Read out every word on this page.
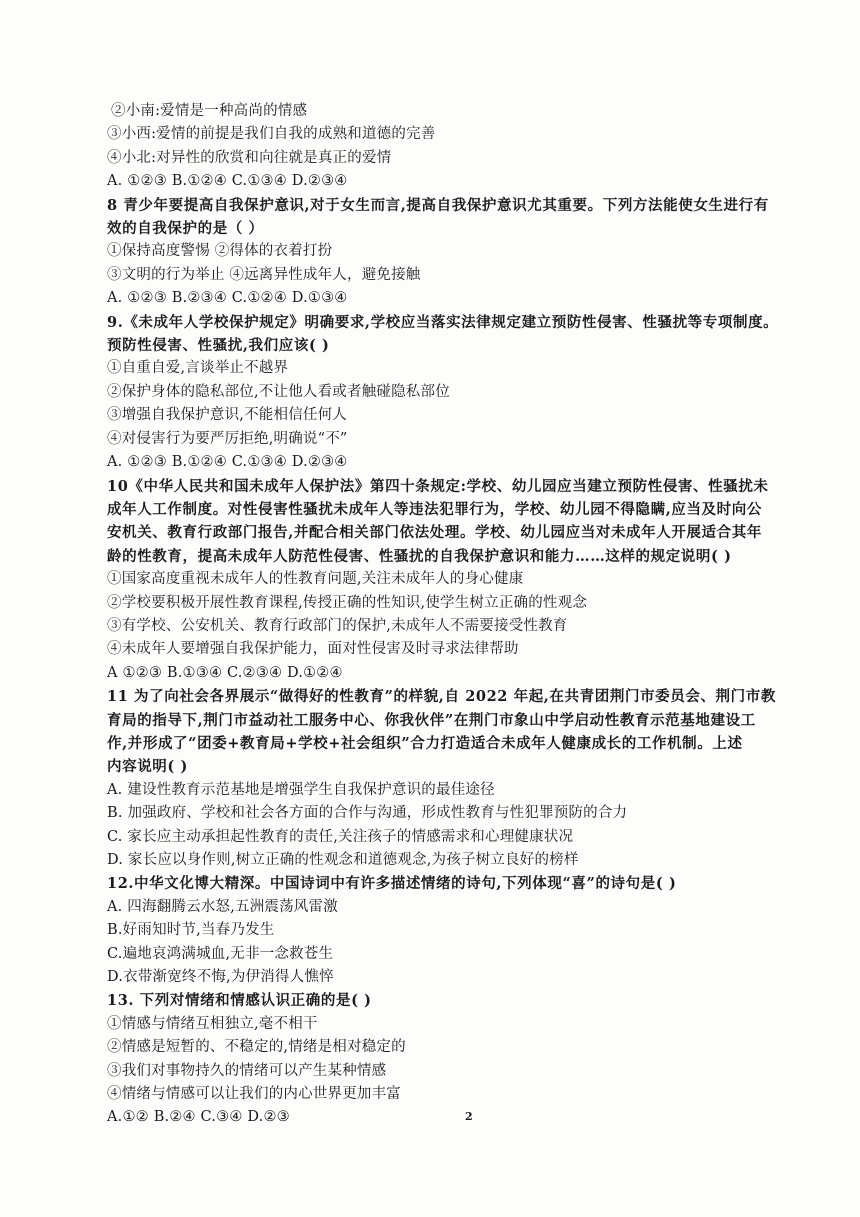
②小南:爱情是一种高尚的情感
③小西:爱情的前提是我们自我的成熟和道德的完善
④小北:对异性的欣赏和向往就是真正的爱情
A. ①②③ B.①②④ C.①③④ D.②③④
8 青少年要提高自我保护意识,对于女生而言,提高自我保护意识尤其重要。下列方法能使女生进行有
效的自我保护的是（ ）
①保持高度警惕 ②得体的衣着打扮
③文明的行为举止 ④远离异性成年人，避免接触
A. ①②③ B.②③④ C.①②④ D.①③④
9.《未成年人学校保护规定》明确要求,学校应当落实法律规定建立预防性侵害、性骚扰等专项制度。
预防性侵害、性骚扰,我们应该( )
①自重自爱,言谈举止不越界
②保护身体的隐私部位,不让他人看或者触碰隐私部位
③增强自我保护意识,不能相信任何人
④对侵害行为要严厉拒绝,明确说“不”
A. ①②③ B.①②④ C.①③④ D.②③④
10《中华人民共和国未成年人保护法》第四十条规定:学校、幼儿园应当建立预防性侵害、性骚扰未
成年人工作制度。对性侵害性骚扰未成年人等违法犯罪行为，学校、幼儿园不得隐瞒,应当及时向公
安机关、教育行政部门报告,并配合相关部门依法处理。学校、幼儿园应当对未成年人开展适合其年
龄的性教育，提高未成年人防范性侵害、性骚扰的自我保护意识和能力……这样的规定说明( )
①国家高度重视未成年人的性教育问题,关注未成年人的身心健康
②学校要积极开展性教育课程,传授正确的性知识,使学生树立正确的性观念
③有学校、公安机关、教育行政部门的保护,未成年人不需要接受性教育
④未成年人要增强自我保护能力，面对性侵害及时寻求法律帮助
A ①②③ B.①③④ C.②③④ D.①②④
11 为了向社会各界展示“做得好的性教育”的样貌,自 2022 年起,在共青团荆门市委员会、荆门市教
育局的指导下,荆门市益动社工服务中心、你我伙伴”在荆门市象山中学启动性教育示范基地建设工
作,并形成了“团委+教育局+学校+社会组织”合力打造适合未成年人健康成长的工作机制。上述
内容说明( )
A. 建设性教育示范基地是增强学生自我保护意识的最佳途径
B. 加强政府、学校和社会各方面的合作与沟通，形成性教育与性犯罪预防的合力
C. 家长应主动承担起性教育的责任,关注孩子的情感需求和心理健康状况
D. 家长应以身作则,树立正确的性观念和道德观念,为孩子树立良好的榜样
12.中华文化博大精深。中国诗词中有许多描述情绪的诗句,下列体现“喜”的诗句是( )
A. 四海翻腾云水怒,五洲震荡风雷激
B.好雨知时节,当春乃发生
C.遍地哀鸿满城血,无非一念救苍生
D.衣带渐宽终不悔,为伊消得人憔悴
13. 下列对情绪和情感认识正确的是( )
①情感与情绪互相独立,毫不相干
②情感是短暂的、不稳定的,情绪是相对稳定的
③我们对事物持久的情绪可以产生某种情感
④情绪与情感可以让我们的内心世界更加丰富
A.①② B.②④ C.③④ D.②③	2
